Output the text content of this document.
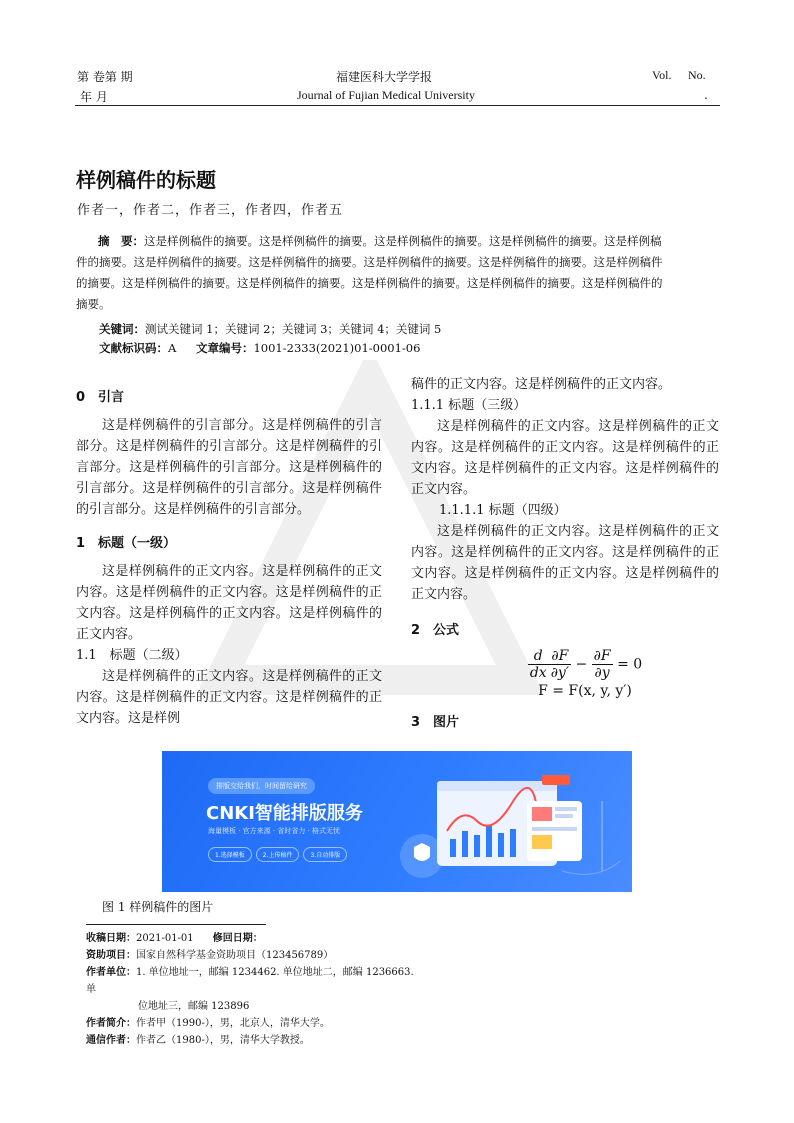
第 卷第 期
年 月
福建医科大学学报
Journal of Fujian Medical University
Vol. No.
.
样例稿件的标题
作者一，作者二，作者三，作者四，作者五
摘　要：这是样例稿件的摘要。这是样例稿件的摘要。这是样例稿件的摘要。这是样例稿件的摘要。这是样例稿件的摘要。这是样例稿件的摘要。这是样例稿件的摘要。这是样例稿件的摘要。这是样例稿件的摘要。这是样例稿件的摘要。这是样例稿件的摘要。这是样例稿件的摘要。这是样例稿件的摘要。这是样例稿件的摘要。这是样例稿件的摘要。
关键词：测试关键词 1；关键词 2；关键词 3；关键词 4；关键词 5
文献标识码：A 文章编号：1001-2333(2021)01-0001-06
0　引言

这是样例稿件的引言部分。这是样例稿件的引言部分。这是样例稿件的引言部分。这是样例稿件的引言部分。这是样例稿件的引言部分。这是样例稿件的引言部分。这是样例稿件的引言部分。这是样例稿件的引言部分。这是样例稿件的引言部分。

1　标题（一级）

这是样例稿件的正文内容。这是样例稿件的正文内容。这是样例稿件的正文内容。这是样例稿件的正文内容。这是样例稿件的正文内容。这是样例稿件的正文内容。

1.1　标题（二级）

这是样例稿件的正文内容。这是样例稿件的正文内容。这是样例稿件的正文内容。这是样例稿件的正文内容。这是样例

稿件的正文内容。这是样例稿件的正文内容。

1.1.1 标题（三级）

这是样例稿件的正文内容。这是样例稿件的正文内容。这是样例稿件的正文内容。这是样例稿件的正文内容。这是样例稿件的正文内容。这是样例稿件的正文内容。

1.1.1.1 标题（四级）

这是样例稿件的正文内容。这是样例稿件的正文内容。这是样例稿件的正文内容。这是样例稿件的正文内容。这是样例稿件的正文内容。这是样例稿件的正文内容。

2　公式
$\frac{d}{dx} \frac{\partial F}{\partial y'} - \frac{\partial F}{\partial y} = 0$
F = F(x, y, y′)
3　图片
排版交给我们，时间留给研究
CNKI智能排版服务
海量模板 · 官方来源 · 省时省力 · 格式无忧
1.选择模板	2.上传稿件	3.自动排版
图 1 样例稿件的图片
收稿日期：2021-01-01 修回日期：
资助项目：国家自然科学基金资助项目（123456789）
作者单位：1. 单位地址一，邮编 1234462. 单位地址二，邮编 1236663. 单
位地址三，邮编 123896
作者简介：作者甲（1990-），男，北京人，清华大学。
通信作者：作者乙（1980-），男，清华大学教授。
